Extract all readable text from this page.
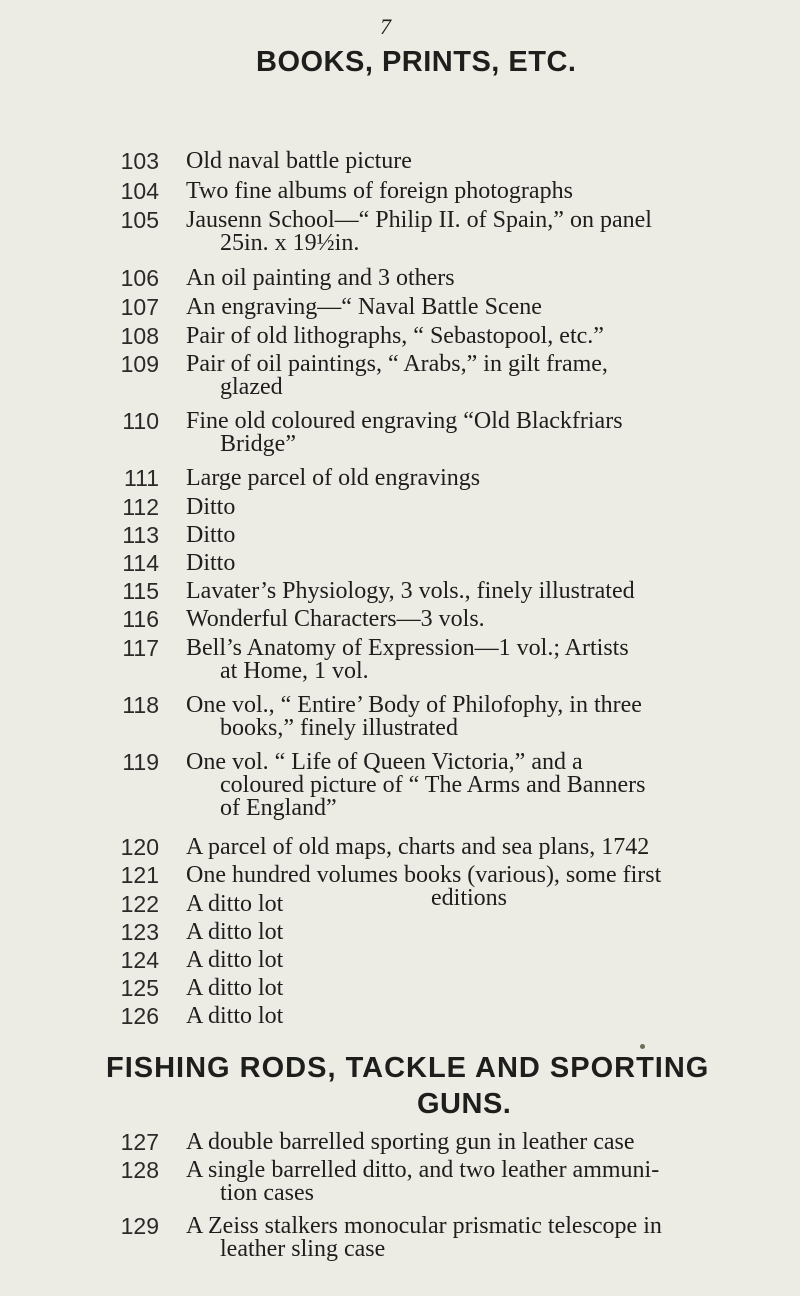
7
BOOKS, PRINTS, ETC.
103 Old naval battle picture
104 Two fine albums of foreign photographs
105 Jausenn School—“ Philip II. of Spain,” on panel
25in. x 19½in.
106 An oil painting and 3 others
107 An engraving—“ Naval Battle Scene
108 Pair of old lithographs, “ Sebastopool, etc.”
109 Pair of oil paintings, “ Arabs,” in gilt frame,
glazed
110 Fine old coloured engraving “Old Blackfriars
Bridge”
111 Large parcel of old engravings
112 Ditto
113 Ditto
114 Ditto
115 Lavater’s Physiology, 3 vols., finely illustrated
116 Wonderful Characters—3 vols.
117 Bell’s Anatomy of Expression—1 vol.; Artists
at Home, 1 vol.
118 One vol., “ Entire’ Body of Philofophy, in three
books,” finely illustrated
119 One vol. “ Life of Queen Victoria,” and a
coloured picture of “ The Arms and Banners
of England”
120 A parcel of old maps, charts and sea plans, 1742
121 One hundred volumes books (various), some first
editions
122 A ditto lot
123 A ditto lot
124 A ditto lot
125 A ditto lot
126 A ditto lot
FISHING RODS, TACKLE AND SPORTING
GUNS.
127 A double barrelled sporting gun in leather case
128 A single barrelled ditto, and two leather ammuni-
tion cases
129 A Zeiss stalkers monocular prismatic telescope in
leather sling case
